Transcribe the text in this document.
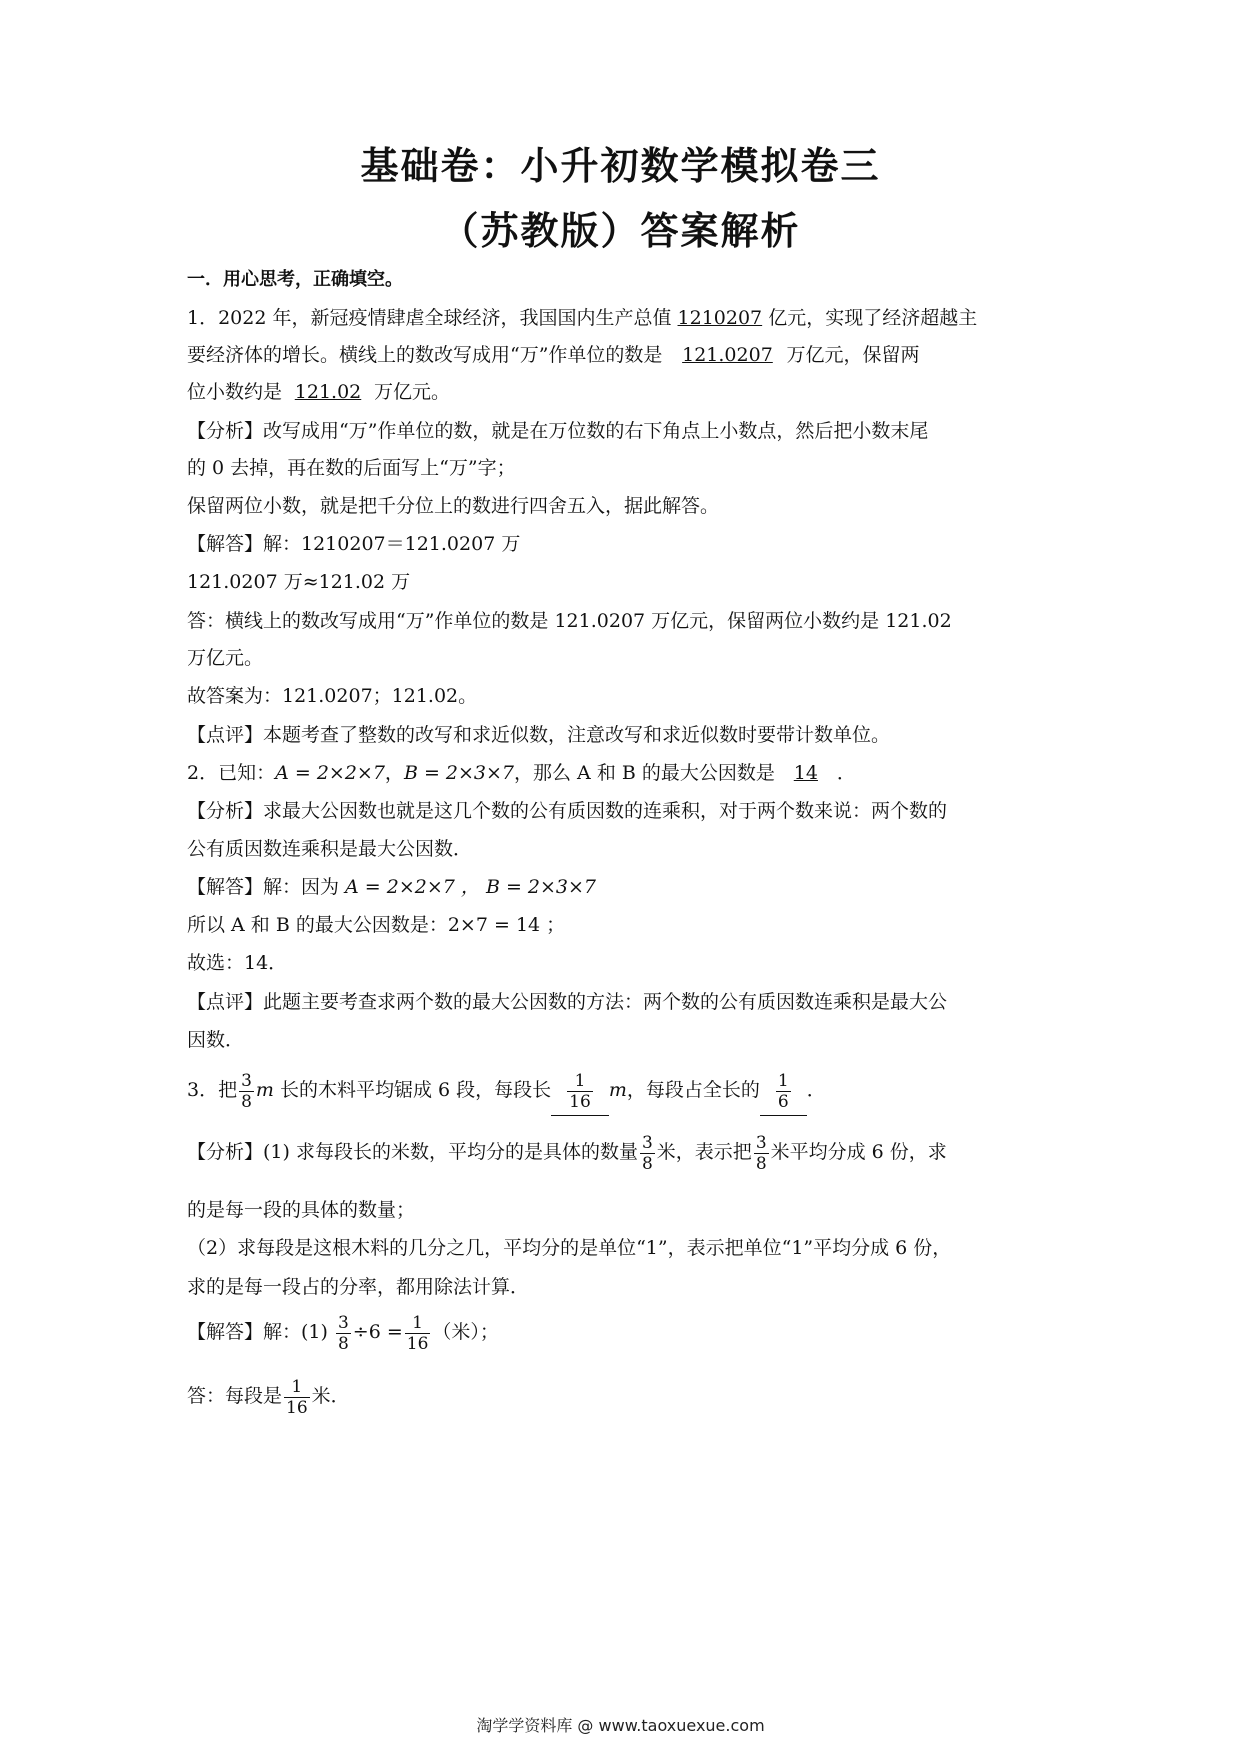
基础卷：小升初数学模拟卷三
（苏教版）答案解析
一．用心思考，正确填空。
1．2022 年，新冠疫情肆虐全球经济，我国国内生产总值 1210207 亿元，实现了经济超越主
要经济体的增长。横线上的数改写成用“万”作单位的数是 121.0207 万亿元，保留两
位小数约是 121.02 万亿元。
【分析】改写成用“万”作单位的数，就是在万位数的右下角点上小数点，然后把小数末尾
的 0 去掉，再在数的后面写上“万”字；
保留两位小数，就是把千分位上的数进行四舍五入，据此解答。
【解答】解：1210207＝121.0207 万
121.0207 万≈121.02 万
答：横线上的数改写成用“万”作单位的数是 121.0207 万亿元，保留两位小数约是 121.02
万亿元。
故答案为：121.0207；121.02。
【点评】本题考查了整数的改写和求近似数，注意改写和求近似数时要带计数单位。
2．已知：A = 2×2×7，B = 2×3×7，那么 A 和 B 的最大公因数是 14 ．
【分析】求最大公因数也就是这几个数的公有质因数的连乘积，对于两个数来说：两个数的
公有质因数连乘积是最大公因数．
【解答】解：因为 A = 2×2×7 ， B = 2×3×7
所以 A 和 B 的最大公因数是：2×7 = 14 ；
故选：14．
【点评】此题主要考查求两个数的最大公因数的方法：两个数的公有质因数连乘积是最大公
因数．
3．把 $\frac{3}{8}$ m 长的木料平均锯成 6 段，每段长 $\frac{1}{16}$ m，每段占全长的 $\frac{1}{6}$ ．
【分析】(1) 求每段长的米数，平均分的是具体的数量 $\frac{3}{8}$ 米，表示把 $\frac{3}{8}$ 米平均分成 6 份，求
的是每一段的具体的数量；
（2）求每段是这根木料的几分之几，平均分的是单位“1”，表示把单位“1”平均分成 6 份，
求的是每一段占的分率，都用除法计算．
【解答】解：$(1) \frac{3}{8} \div 6 = \frac{1}{16}$ （米）；
答：每段是 $\frac{1}{16}$ 米．
淘学学资料库 @ www.taoxuexue.com
